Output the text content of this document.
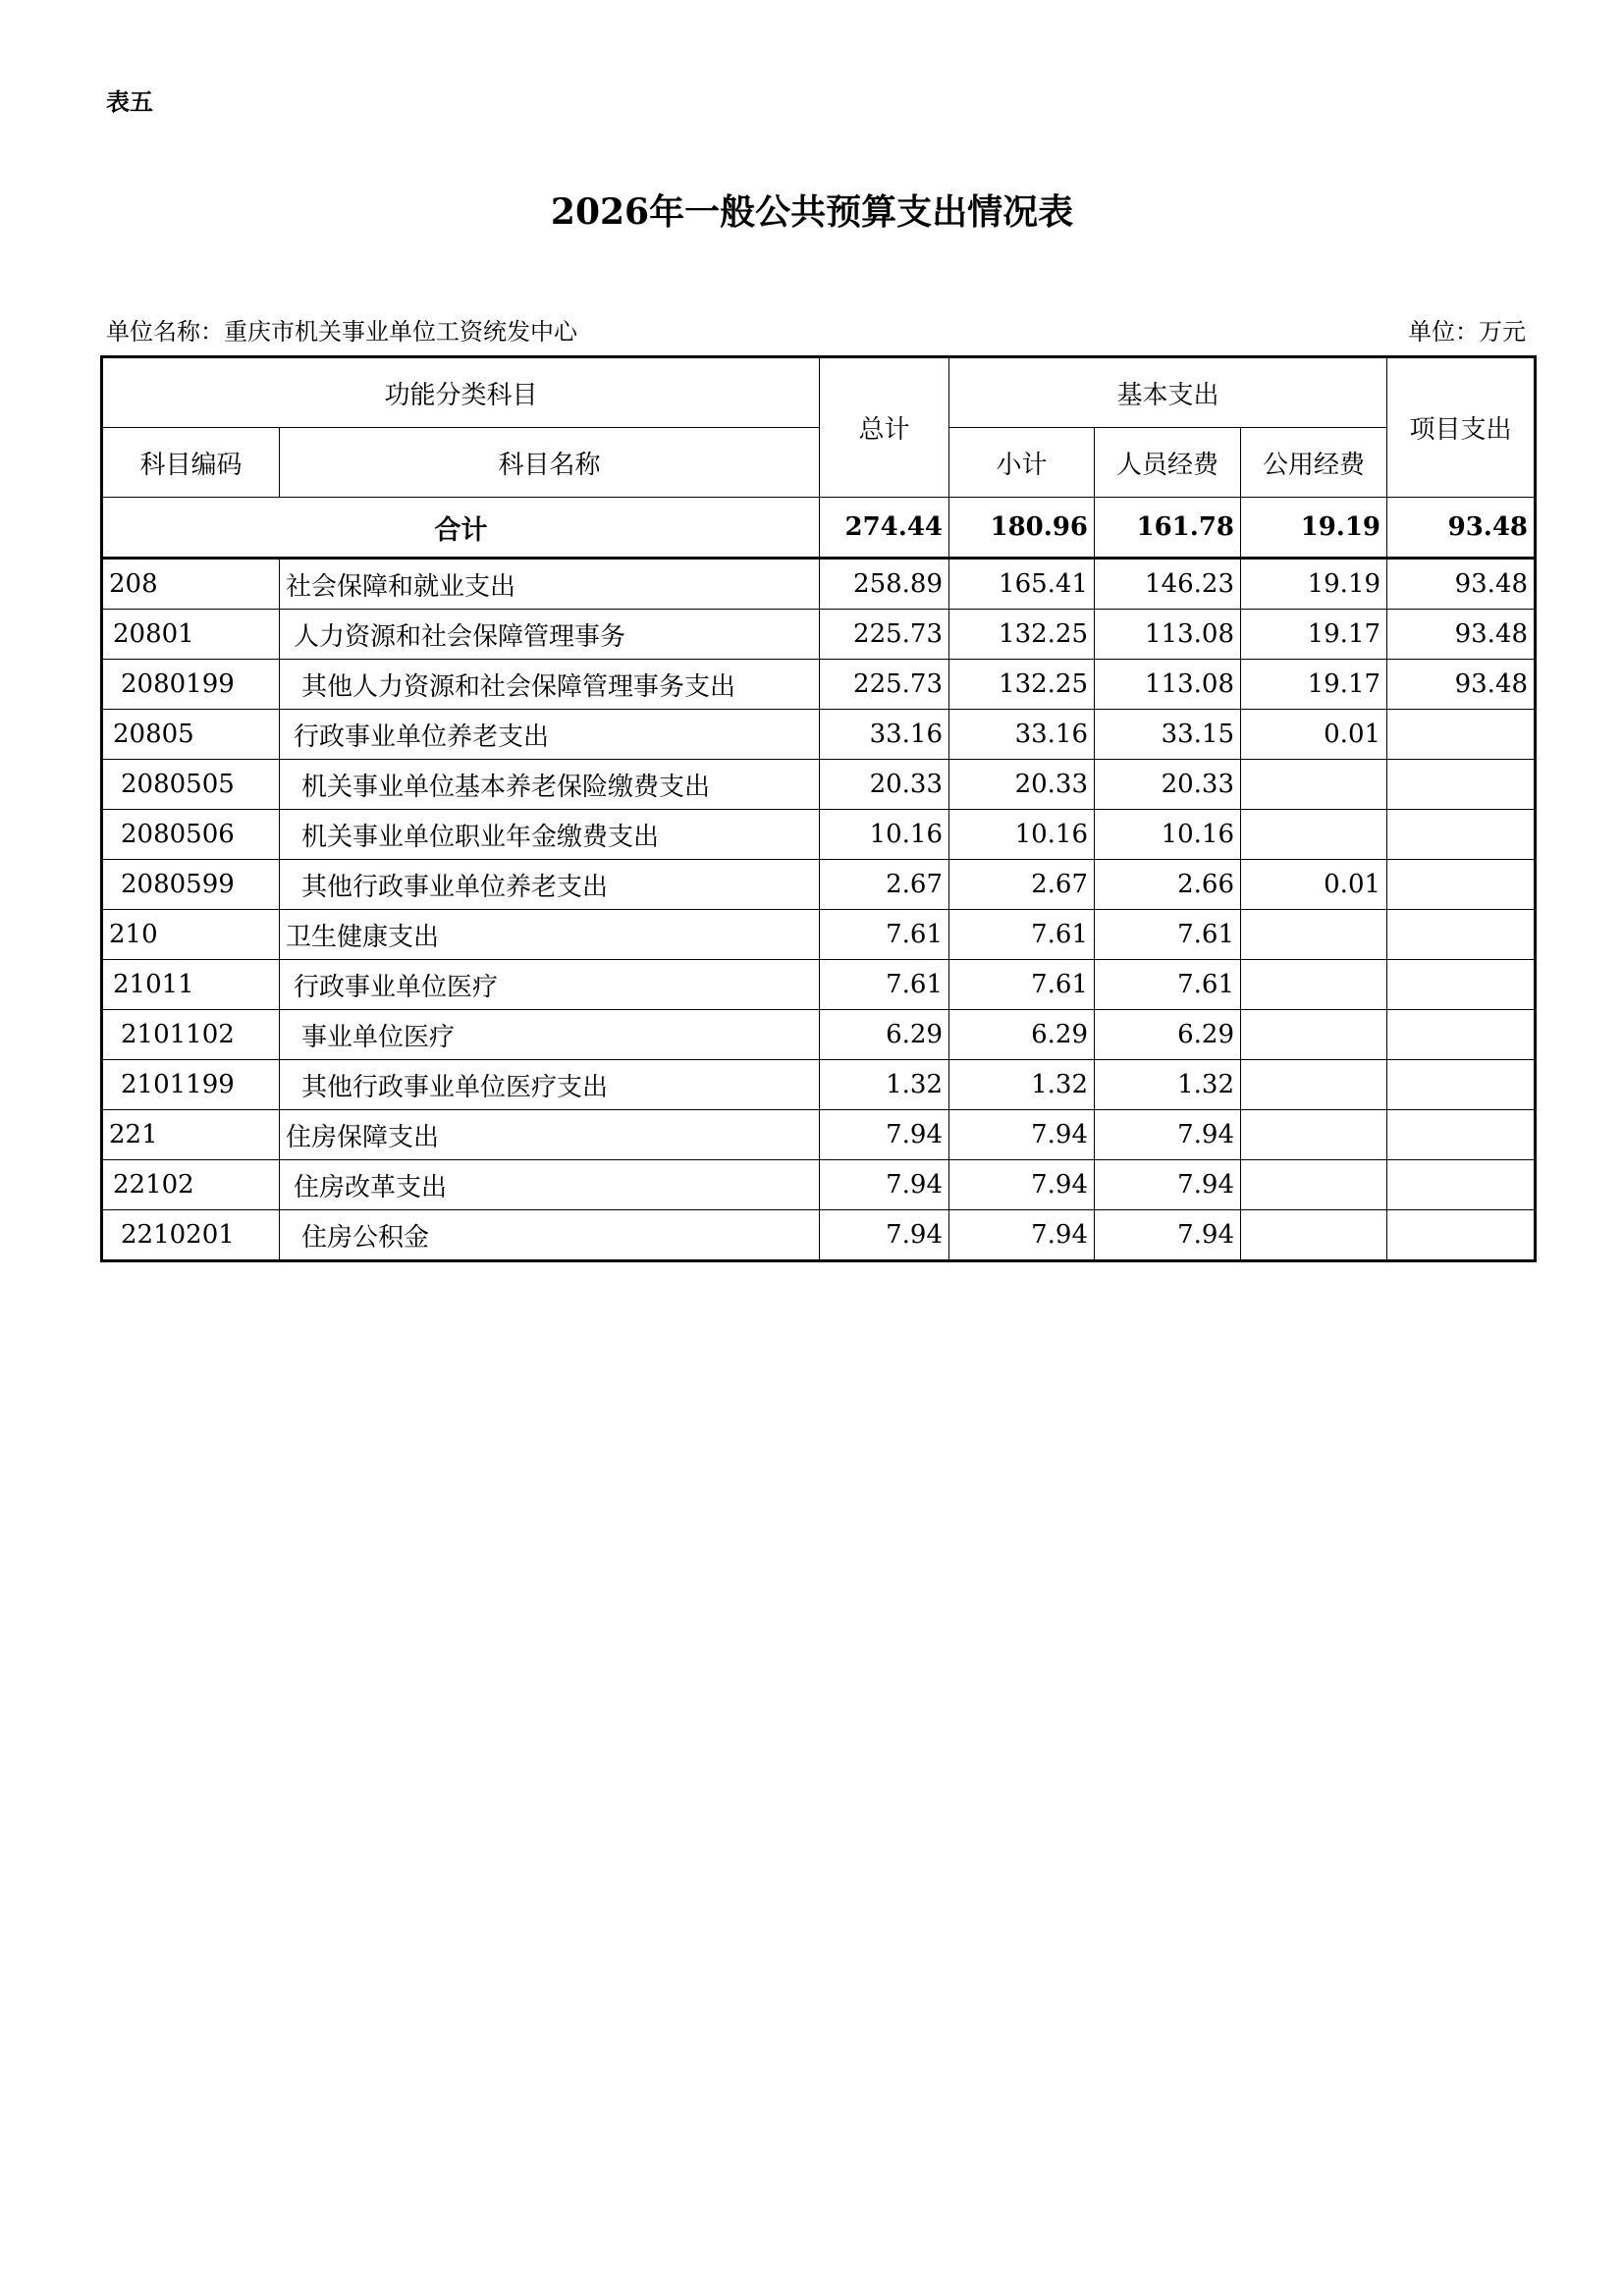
表五
2026年一般公共预算支出情况表
单位名称：重庆市机关事业单位工资统发中心	单位：万元
功能分类科目		总计	基本支出			项目支出
科目编码	科目名称		小计	人员经费	公用经费	
合计		274.44	180.96	161.78	19.19	93.48
208	社会保障和就业支出	258.89	165.41	146.23	19.19	93.48
20801	人力资源和社会保障管理事务	225.73	132.25	113.08	19.17	93.48
2080199	其他人力资源和社会保障管理事务支出	225.73	132.25	113.08	19.17	93.48
20805	行政事业单位养老支出	33.16	33.16	33.15	0.01	
2080505	机关事业单位基本养老保险缴费支出	20.33	20.33	20.33		
2080506	机关事业单位职业年金缴费支出	10.16	10.16	10.16		
2080599	其他行政事业单位养老支出	2.67	2.67	2.66	0.01	
210	卫生健康支出	7.61	7.61	7.61		
21011	行政事业单位医疗	7.61	7.61	7.61		
2101102	事业单位医疗	6.29	6.29	6.29		
2101199	其他行政事业单位医疗支出	1.32	1.32	1.32		
221	住房保障支出	7.94	7.94	7.94		
22102	住房改革支出	7.94	7.94	7.94		
2210201	住房公积金	7.94	7.94	7.94		
